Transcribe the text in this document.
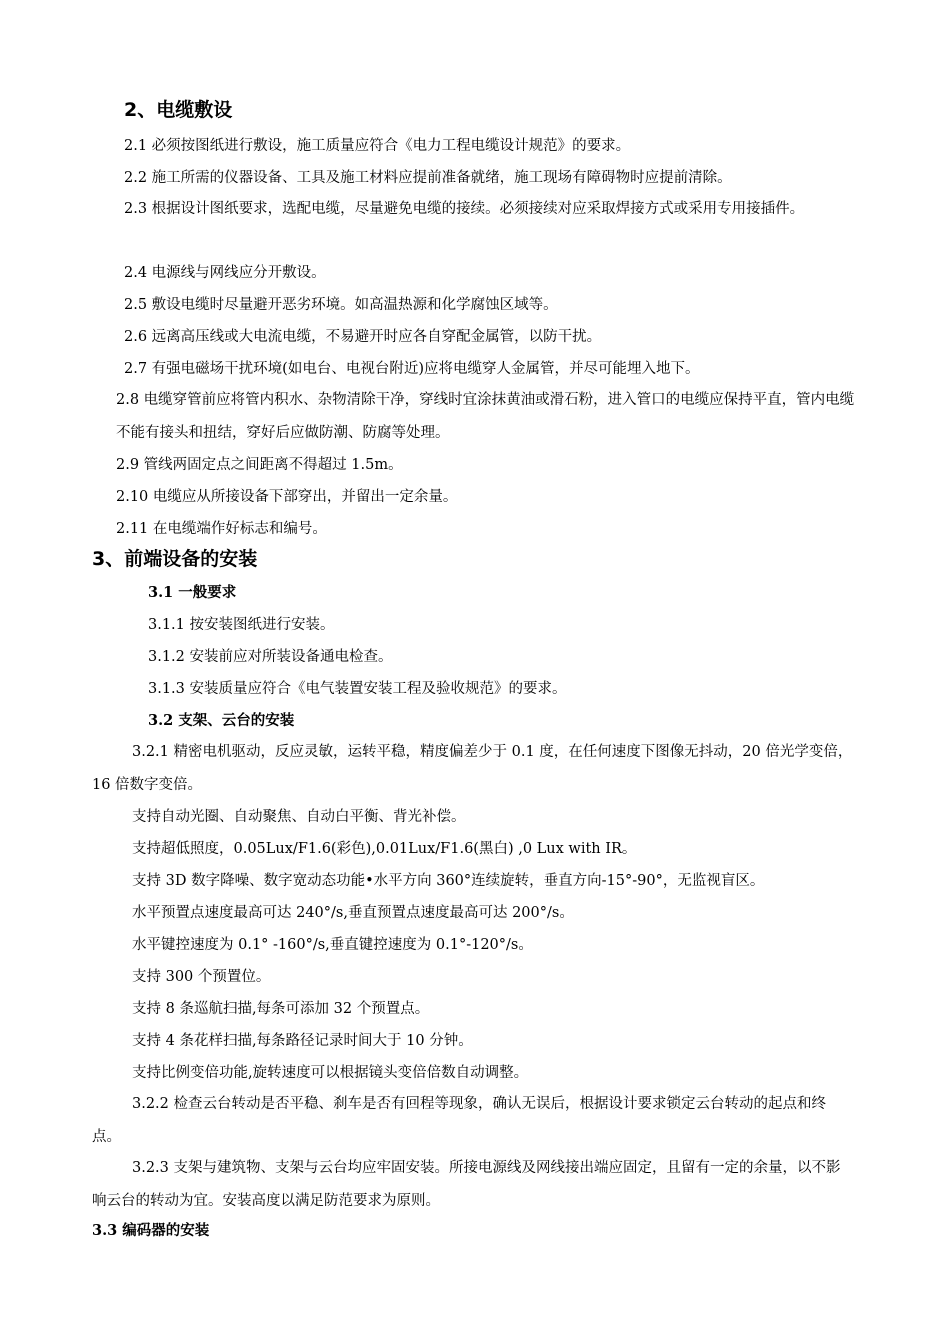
2、电缆敷设
2.1 必须按图纸进行敷设，施工质量应符合《电力工程电缆设计规范》的要求。
2.2 施工所需的仪器设备、工具及施工材料应提前准备就绪，施工现场有障碍物时应提前清除。
2.3 根据设计图纸要求，选配电缆，尽量避免电缆的接续。必须接续对应采取焊接方式或采用专用接插件。
2.4 电源线与网线应分开敷设。
2.5 敷设电缆时尽量避开恶劣环境。如高温热源和化学腐蚀区域等。
2.6 远离高压线或大电流电缆，不易避开时应各自穿配金属管，以防干扰。
2.7 有强电磁场干扰环境(如电台、电视台附近)应将电缆穿人金属管，并尽可能埋入地下。
2.8 电缆穿管前应将管内积水、杂物清除干净，穿线时宜涂抹黄油或滑石粉，进入管口的电缆应保持平直，管内电缆不能有接头和扭结，穿好后应做防潮、防腐等处理。
2.9 管线两固定点之间距离不得超过 1.5m。
2.10 电缆应从所接设备下部穿出，并留出一定余量。
2.11 在电缆端作好标志和编号。
3、前端设备的安装
3.1 一般要求
3.1.1 按安装图纸进行安装。
3.1.2 安装前应对所装设备通电检查。
3.1.3 安装质量应符合《电气装置安装工程及验收规范》的要求。
3.2 支架、云台的安装
3.2.1 精密电机驱动，反应灵敏，运转平稳，精度偏差少于 0.1 度，在任何速度下图像无抖动，20 倍光学变倍，16 倍数字变倍。
支持自动光圈、自动聚焦、自动白平衡、背光补偿。
支持超低照度，0.05Lux/F1.6(彩色),0.01Lux/F1.6(黑白) ,0 Lux with IR。
支持 3D 数字降噪、数字宽动态功能•水平方向 360°连续旋转，垂直方向-15°-90°，无监视盲区。
水平预置点速度最高可达 240°/s,垂直预置点速度最高可达 200°/s。
水平键控速度为 0.1° -160°/s,垂直键控速度为 0.1°-120°/s。
支持 300 个预置位。
支持 8 条巡航扫描,每条可添加 32 个预置点。
支持 4 条花样扫描,每条路径记录时间大于 10 分钟。
支持比例变倍功能,旋转速度可以根据镜头变倍倍数自动调整。
3.2.2 检查云台转动是否平稳、刹车是否有回程等现象，确认无误后，根据设计要求锁定云台转动的起点和终点。
3.2.3 支架与建筑物、支架与云台均应牢固安装。所接电源线及网线接出端应固定，且留有一定的余量，以不影响云台的转动为宜。安装高度以满足防范要求为原则。
3.3 编码器的安装
